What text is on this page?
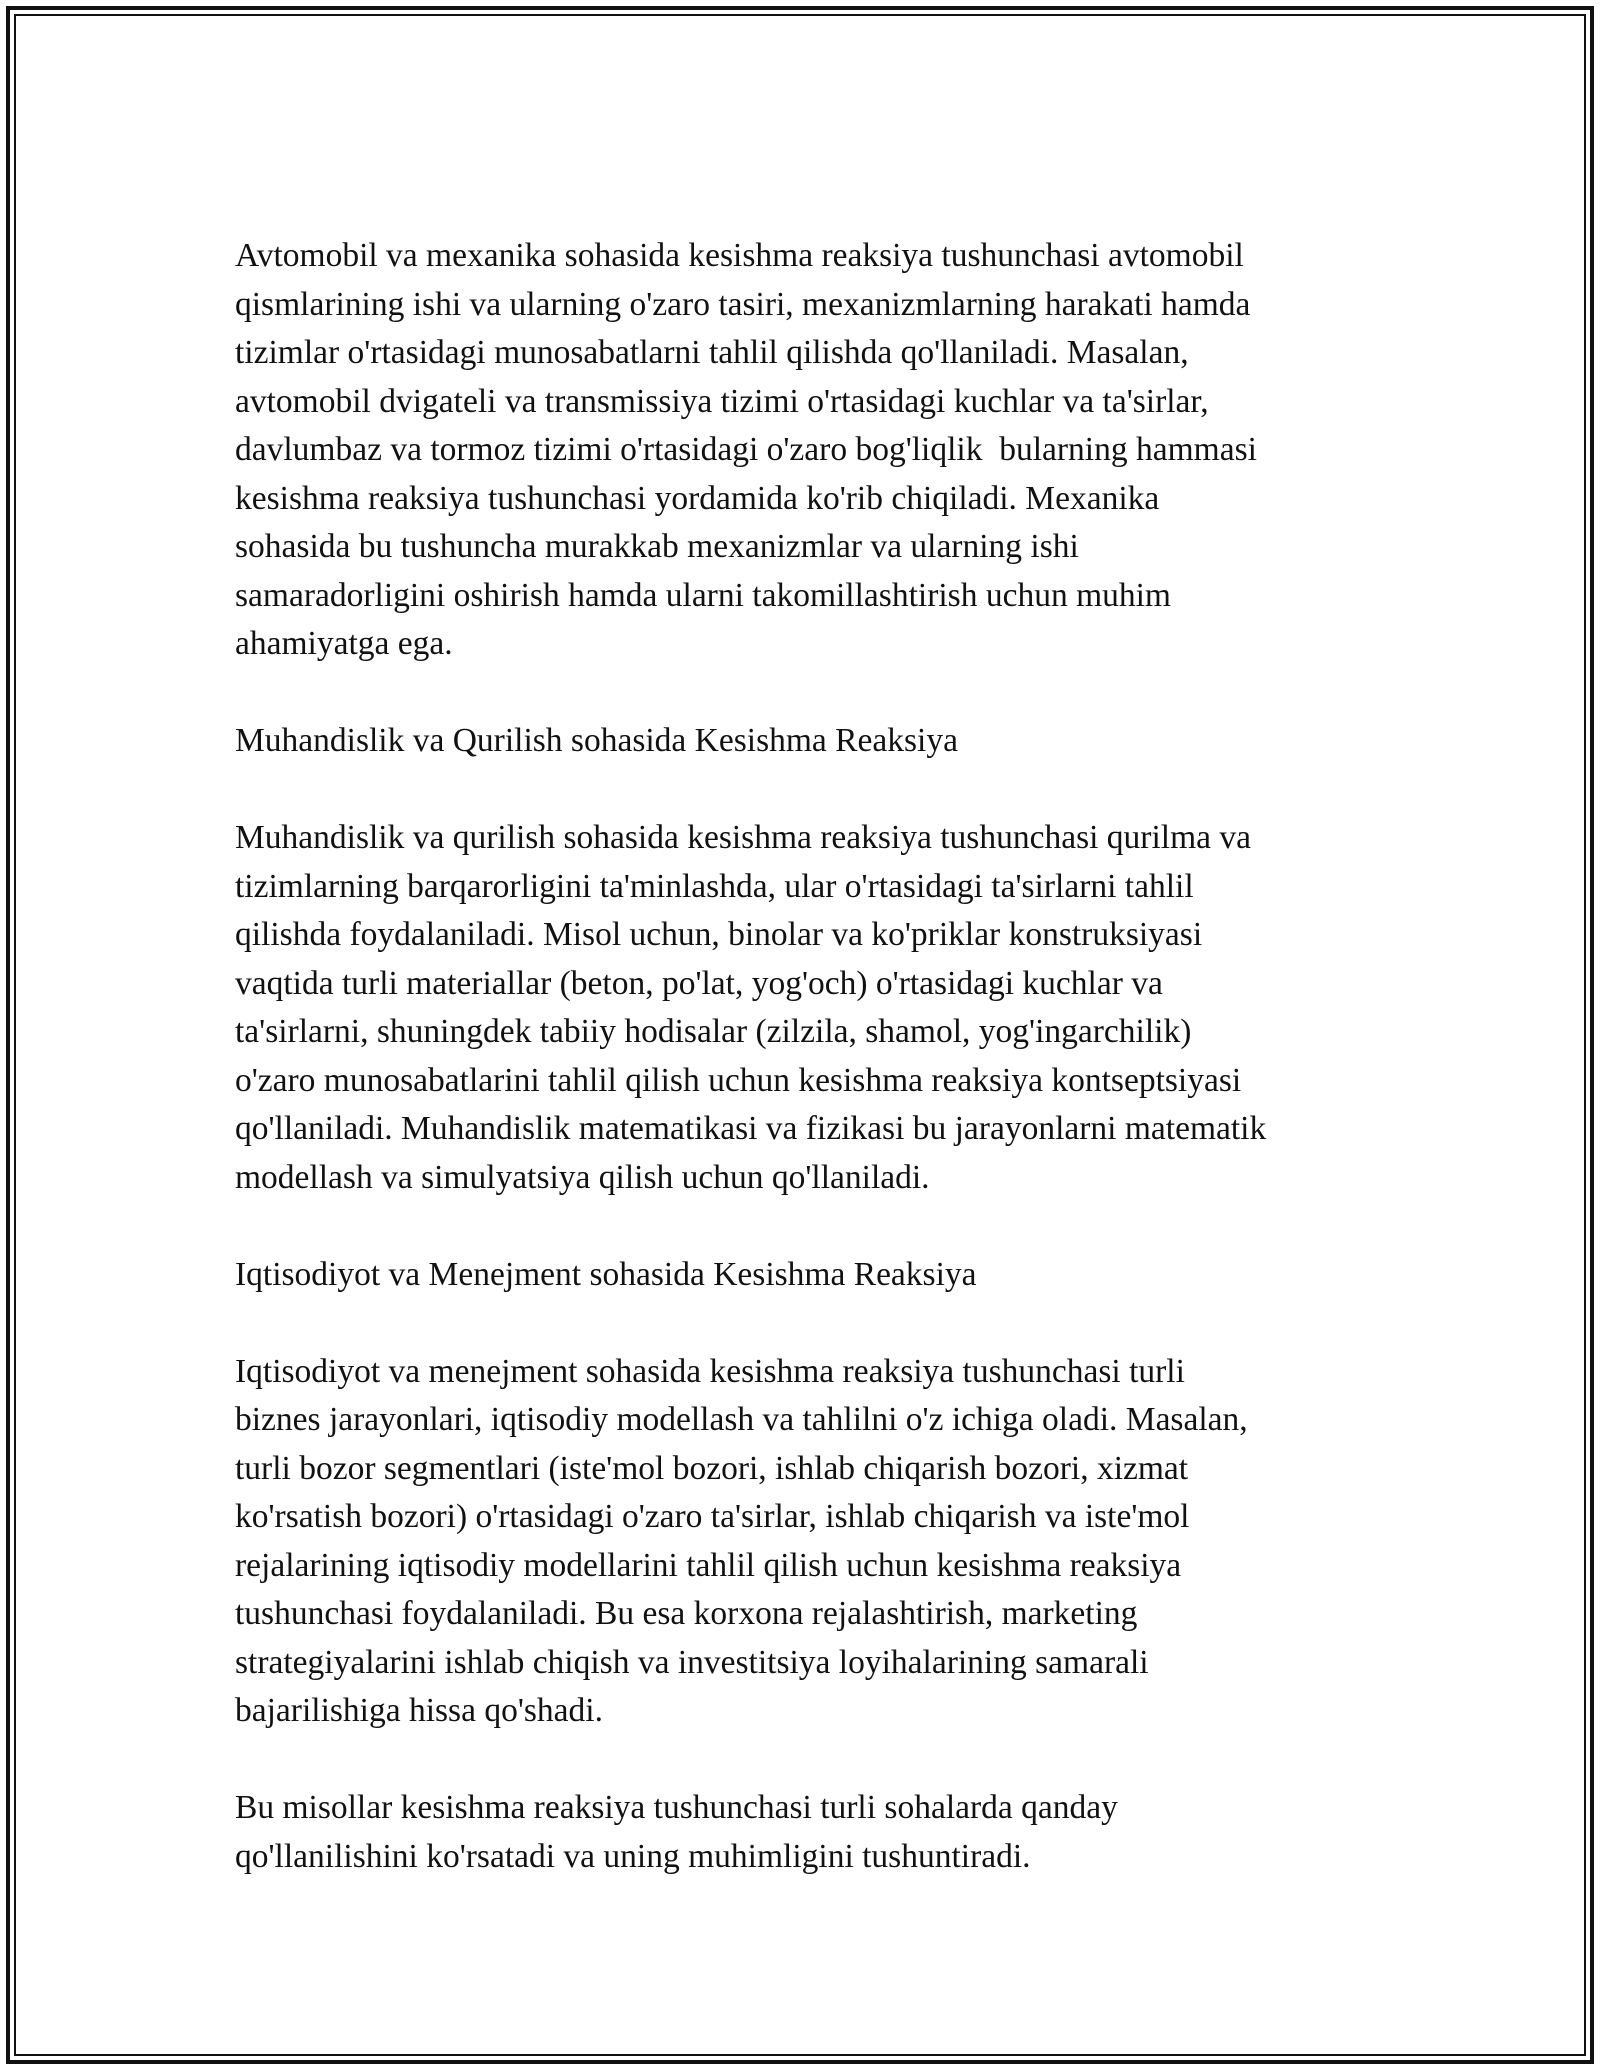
Avtomobil va mexanika sohasida kesishma reaksiya tushunchasi avtomobil
qismlarining ishi va ularning o'zaro tasiri, mexanizmlarning harakati hamda
tizimlar o'rtasidagi munosabatlarni tahlil qilishda qo'llaniladi. Masalan,
avtomobil dvigateli va transmissiya tizimi o'rtasidagi kuchlar va ta'sirlar,
davlumbaz va tormoz tizimi o'rtasidagi o'zaro bog'liqlik  bularning hammasi
kesishma reaksiya tushunchasi yordamida ko'rib chiqiladi. Mexanika
sohasida bu tushuncha murakkab mexanizmlar va ularning ishi
samaradorligini oshirish hamda ularni takomillashtirish uchun muhim
ahamiyatga ega.

Muhandislik va Qurilish sohasida Kesishma Reaksiya

Muhandislik va qurilish sohasida kesishma reaksiya tushunchasi qurilma va
tizimlarning barqarorligini ta'minlashda, ular o'rtasidagi ta'sirlarni tahlil
qilishda foydalaniladi. Misol uchun, binolar va ko'priklar konstruksiyasi
vaqtida turli materiallar (beton, po'lat, yog'och) o'rtasidagi kuchlar va
ta'sirlarni, shuningdek tabiiy hodisalar (zilzila, shamol, yog'ingarchilik)
o'zaro munosabatlarini tahlil qilish uchun kesishma reaksiya kontseptsiyasi
qo'llaniladi. Muhandislik matematikasi va fizikasi bu jarayonlarni matematik
modellash va simulyatsiya qilish uchun qo'llaniladi.

Iqtisodiyot va Menejment sohasida Kesishma Reaksiya

Iqtisodiyot va menejment sohasida kesishma reaksiya tushunchasi turli
biznes jarayonlari, iqtisodiy modellash va tahlilni o'z ichiga oladi. Masalan,
turli bozor segmentlari (iste'mol bozori, ishlab chiqarish bozori, xizmat
ko'rsatish bozori) o'rtasidagi o'zaro ta'sirlar, ishlab chiqarish va iste'mol
rejalarining iqtisodiy modellarini tahlil qilish uchun kesishma reaksiya
tushunchasi foydalaniladi. Bu esa korxona rejalashtirish, marketing
strategiyalarini ishlab chiqish va investitsiya loyihalarining samarali
bajarilishiga hissa qo'shadi.

Bu misollar kesishma reaksiya tushunchasi turli sohalarda qanday
qo'llanilishini ko'rsatadi va uning muhimligini tushuntiradi.
